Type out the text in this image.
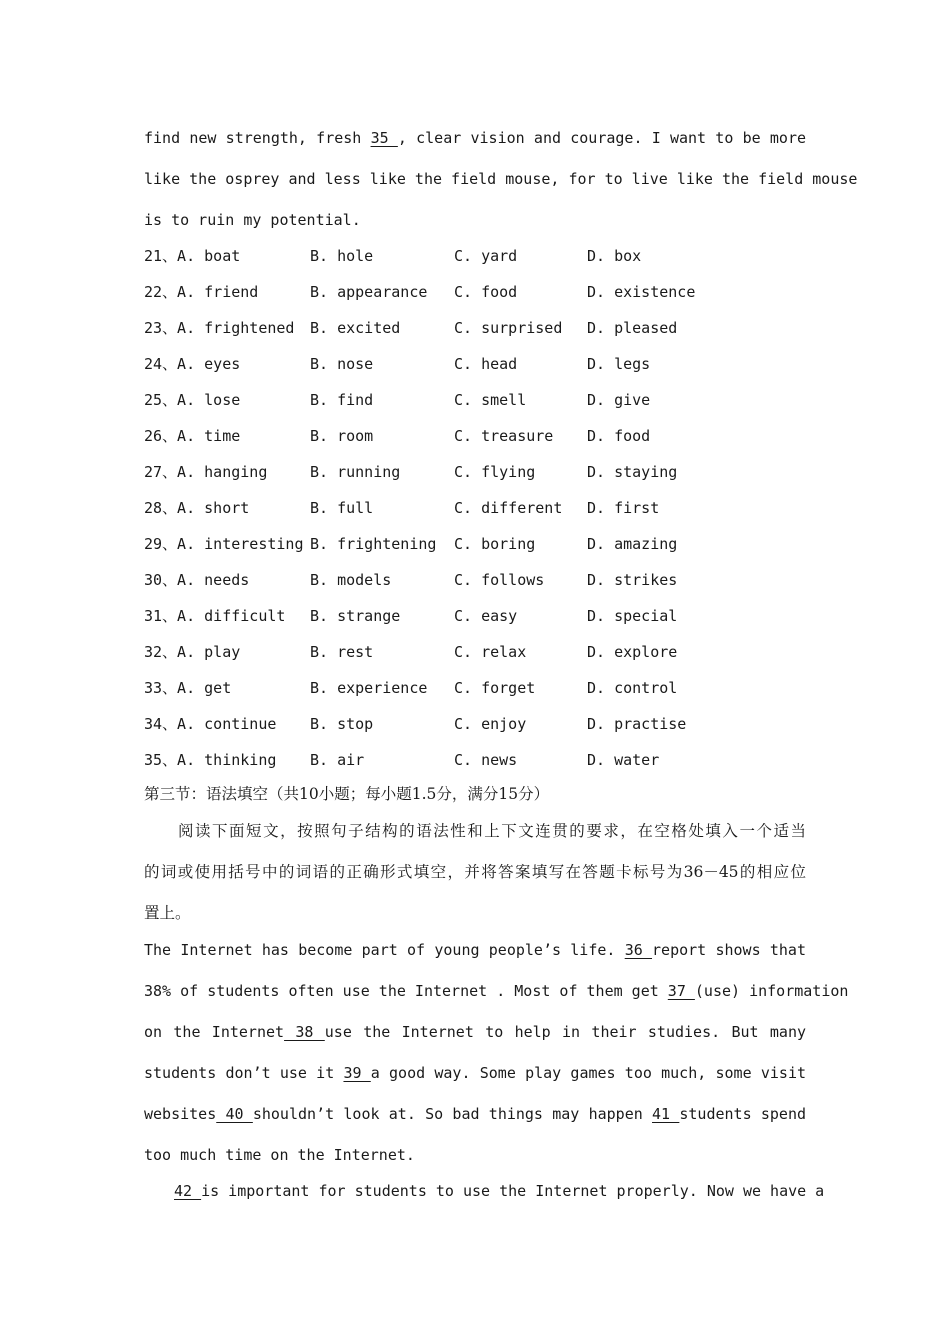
find new strength, fresh 35 , clear vision and courage. I want to be more
like the osprey and less like the field mouse, for to live like the field mouse
is to ruin my potential.
21、A. boat	B. hole	C. yard	D. box
22、A. friend	B. appearance C. food	D. existence
23、A. frightened B. excited	C. surprised D. pleased
24、A. eyes	B. nose	C. head	D. legs
25、A. lose	B. find	C. smell	D. give
26、A. time	B. room	C. treasure D. food
27、A. hanging	B. running	C. flying	D. staying
28、A. short	B. full	C. different D. first
29、A. interesting B. frightening C. boring	D. amazing
30、A. needs	B. models	C. follows	D. strikes
31、A. difficult B. strange	C. easy	D. special
32、A. play	B. rest	C. relax	D. explore
33、A. get	B. experience C. forget	D. control
34、A. continue B. stop	C. enjoy	D. practise
35、A. thinking B. air	C. news	D. water
第三节：语法填空（共10小题；每小题1.5分，满分15分）
阅读下面短文，按照句子结构的语法性和上下文连贯的要求，在空格处填入一个适当
的词或使用括号中的词语的正确形式填空，并将答案填写在答题卡标号为36－45的相应位
置上。
The Internet has become part of young people’s life. 36 report shows that
38% of students often use the Internet . Most of them get 37 (use) information
on the Internet 38 use the Internet to help in their studies. But many
students don’t use it 39 a good way. Some play games too much, some visit
websites 40 shouldn’t look at. So bad things may happen 41 students spend
too much time on the Internet.
42 is important for students to use the Internet properly. Now we have a
